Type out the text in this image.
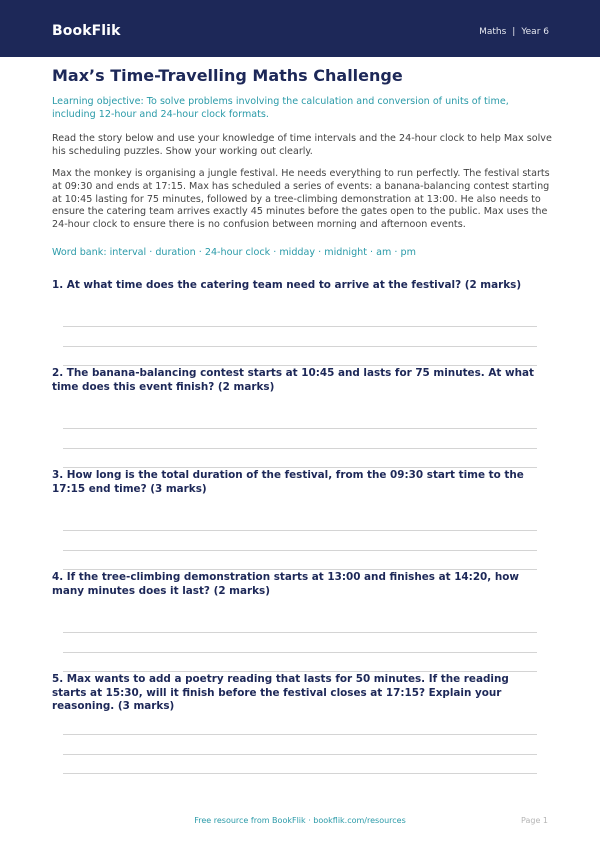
BookFlik	Maths | Year 6
Max’s Time-Travelling Maths Challenge

Learning objective: To solve problems involving the calculation and conversion of units of time, including 12-hour and 24-hour clock formats.

Read the story below and use your knowledge of time intervals and the 24-hour clock to help Max solve his scheduling puzzles. Show your working out clearly.

Max the monkey is organising a jungle festival. He needs everything to run perfectly. The festival starts at 09:30 and ends at 17:15. Max has scheduled a series of events: a banana-balancing contest starting at 10:45 lasting for 75 minutes, followed by a tree-climbing demonstration at 13:00. He also needs to ensure the catering team arrives exactly 45 minutes before the gates open to the public. Max uses the 24-hour clock to ensure there is no confusion between morning and afternoon events.

Word bank: interval · duration · 24-hour clock · midday · midnight · am · pm

1. At what time does the catering team need to arrive at the festival? (2 marks)

2. The banana-balancing contest starts at 10:45 and lasts for 75 minutes. At what time does this event finish? (2 marks)

3. How long is the total duration of the festival, from the 09:30 start time to the 17:15 end time? (3 marks)

4. If the tree-climbing demonstration starts at 13:00 and finishes at 14:20, how many minutes does it last? (2 marks)

5. Max wants to add a poetry reading that lasts for 50 minutes. If the reading starts at 15:30, will it finish before the festival closes at 17:15? Explain your reasoning. (3 marks)

Free resource from BookFlik · bookflik.com/resources	Page 1
